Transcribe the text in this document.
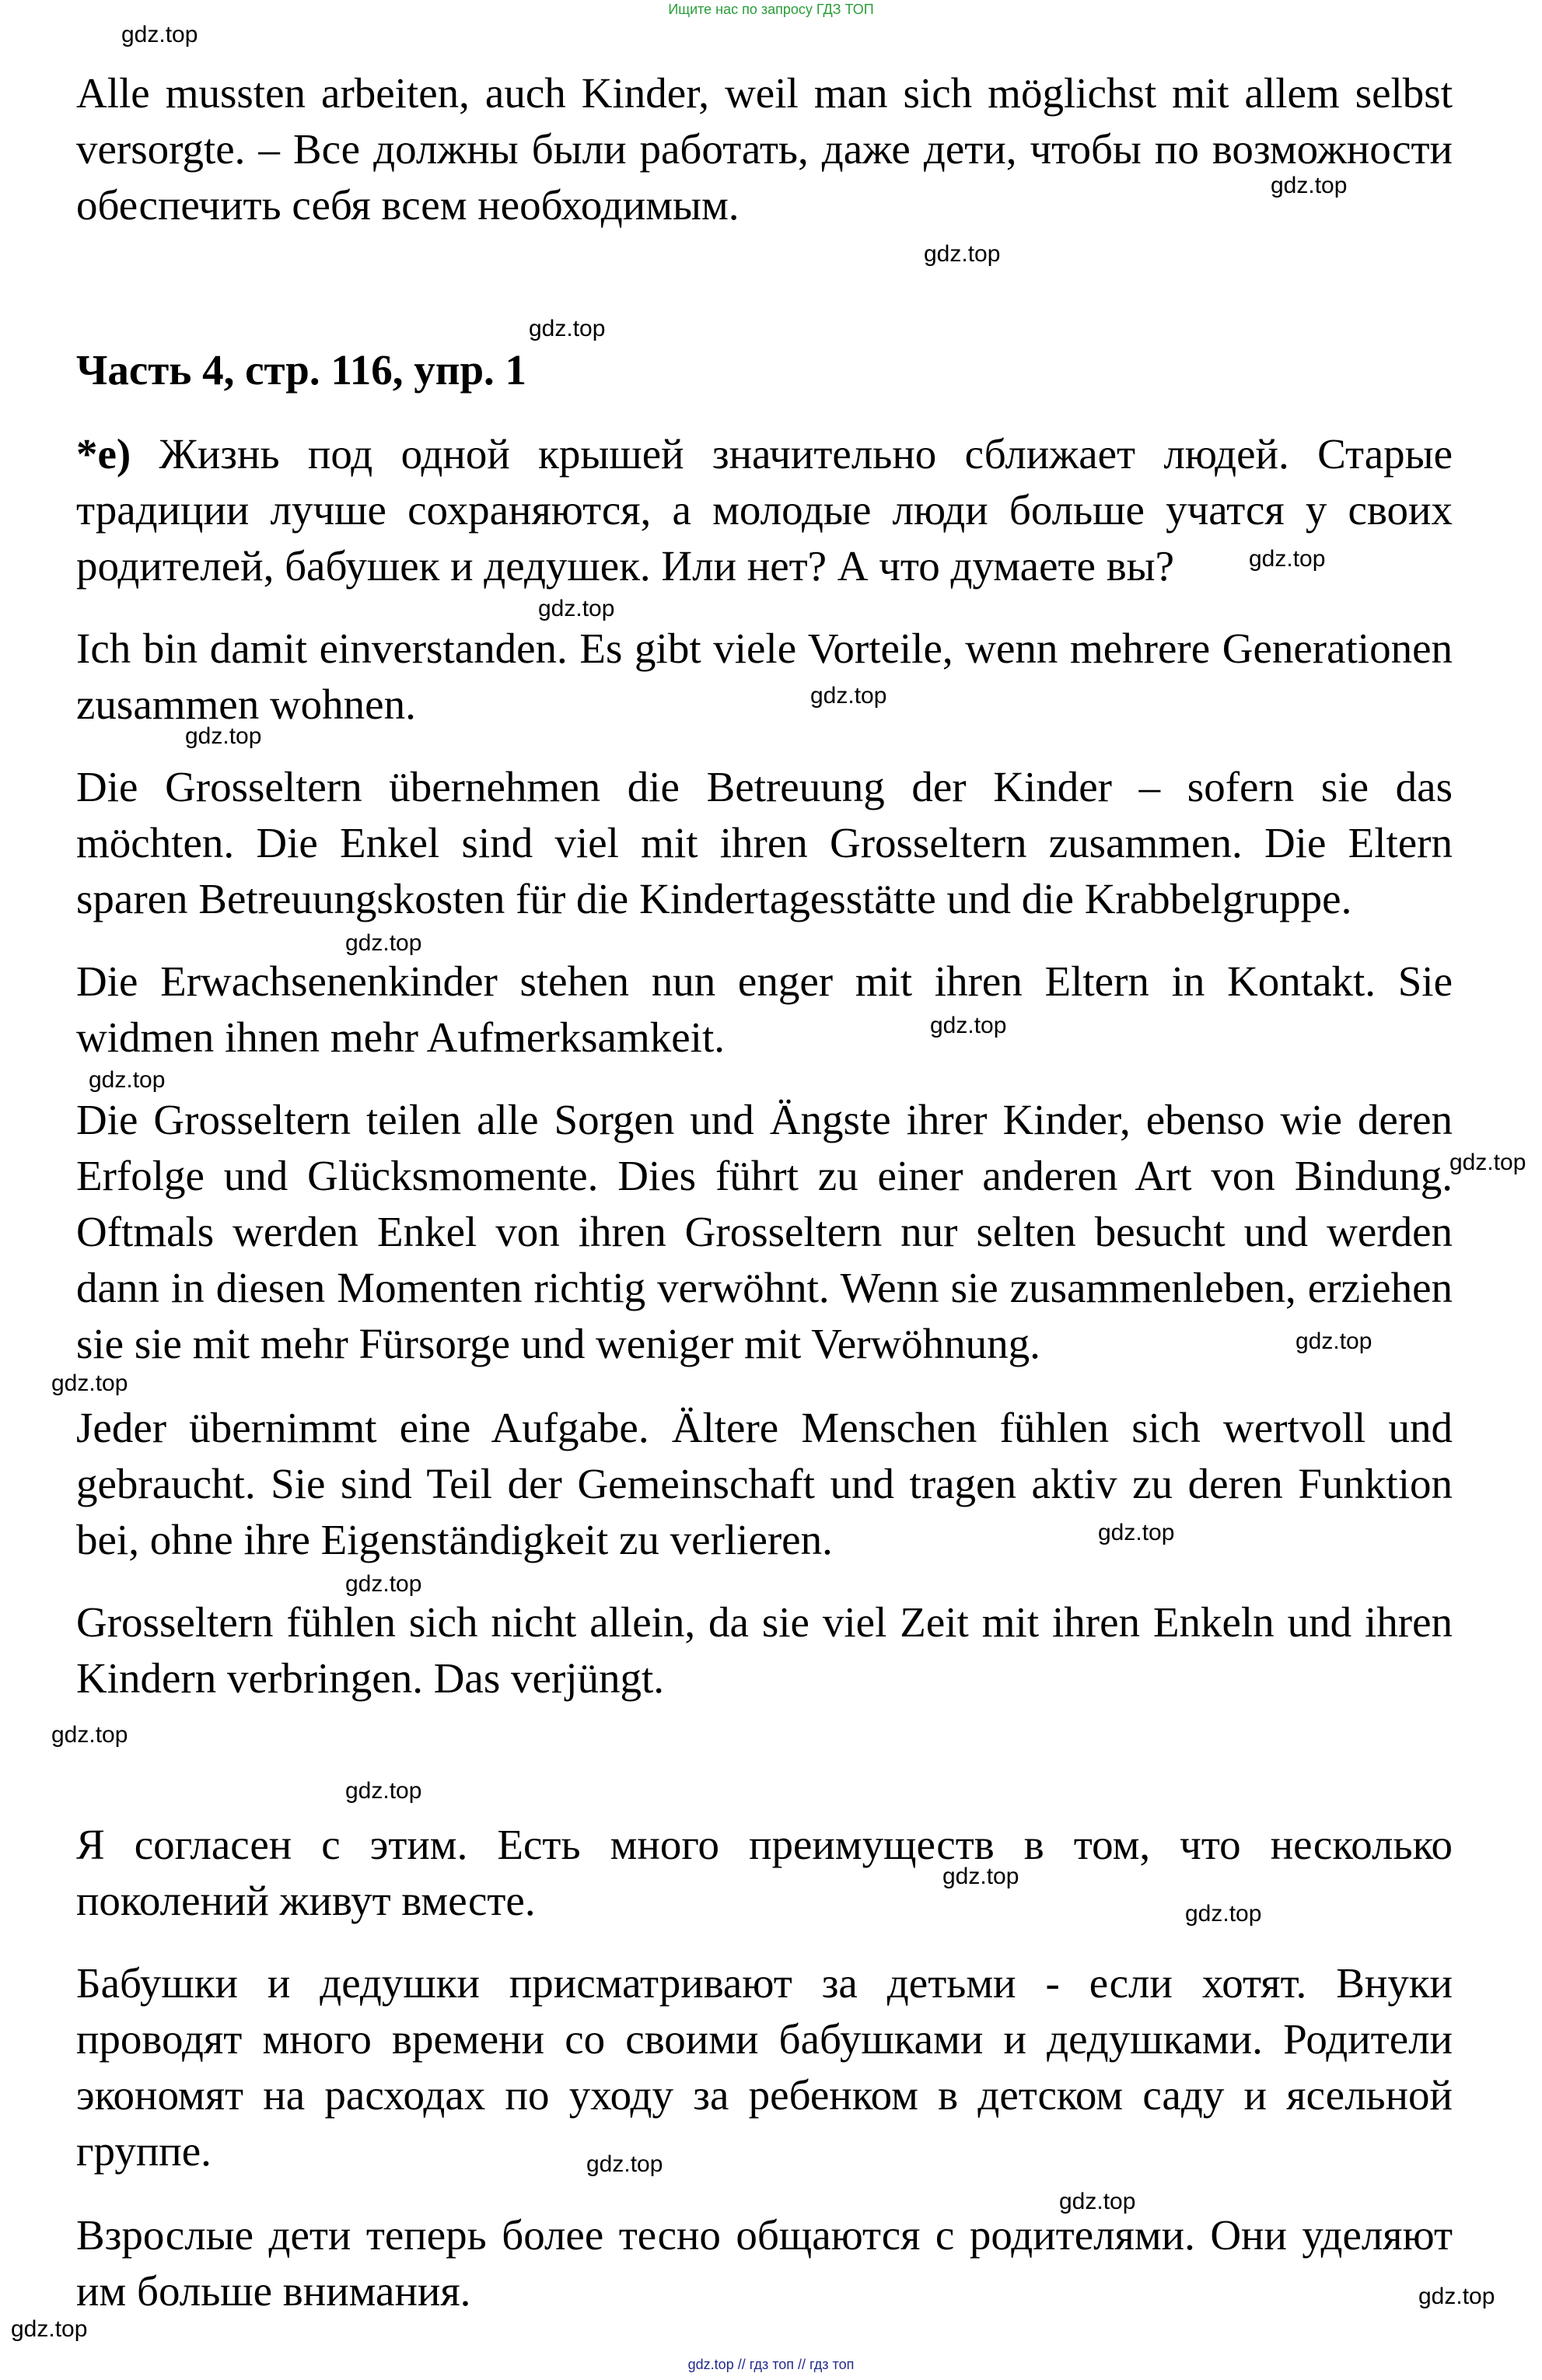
Ищите нас по запросу ГДЗ ТОП
gdz.top
gdz.top
gdz.top
gdz.top
gdz.top
gdz.top
gdz.top
gdz.top
gdz.top
gdz.top
gdz.top
gdz.top
gdz.top
gdz.top
gdz.top
gdz.top
gdz.top
gdz.top
gdz.top
gdz.top
gdz.top
gdz.top
gdz.top
gdz.top

Alle mussten arbeiten, auch Kinder, weil man sich möglichst mit allem selbst versorgte. – Все должны были работать, даже дети, чтобы по возможности обеспечить себя всем необходимым.

Часть 4, стр. 116, упр. 1

*е) Жизнь под одной крышей значительно сближает людей. Старые традиции лучше сохраняются, а молодые люди больше учатся у своих родителей, бабушек и дедушек. Или нет? А что думаете вы?

Ich bin damit einverstanden. Es gibt viele Vorteile, wenn mehrere Generationen zusammen wohnen.

Die Grosseltern übernehmen die Betreuung der Kinder – sofern sie das möchten. Die Enkel sind viel mit ihren Grosseltern zusammen. Die Eltern sparen Betreuungskosten für die Kindertagesstätte und die Krabbelgruppe.

Die Erwachsenenkinder stehen nun enger mit ihren Eltern in Kontakt. Sie widmen ihnen mehr Aufmerksamkeit.

Die Grosseltern teilen alle Sorgen und Ängste ihrer Kinder, ebenso wie deren Erfolge und Glücksmomente. Dies führt zu einer anderen Art von Bindung. Oftmals werden Enkel von ihren Grosseltern nur selten besucht und werden dann in diesen Momenten richtig verwöhnt. Wenn sie zusammenleben, erziehen sie sie mit mehr Fürsorge und weniger mit Verwöhnung.

Jeder übernimmt eine Aufgabe. Ältere Menschen fühlen sich wertvoll und gebraucht. Sie sind Teil der Gemeinschaft und tragen aktiv zu deren Funktion bei, ohne ihre Eigenständigkeit zu verlieren.

Grosseltern fühlen sich nicht allein, da sie viel Zeit mit ihren Enkeln und ihren Kindern verbringen. Das verjüngt.

Я согласен с этим. Есть много преимуществ в том, что несколько поколений живут вместе.

Бабушки и дедушки присматривают за детьми - если хотят. Внуки проводят много времени со своими бабушками и дедушками. Родители экономят на расходах по уходу за ребенком в детском саду и ясельной группе.

Взрослые дети теперь более тесно общаются с родителями. Они уделяют им больше внимания.

gdz.top // гдз топ // гдз топ
